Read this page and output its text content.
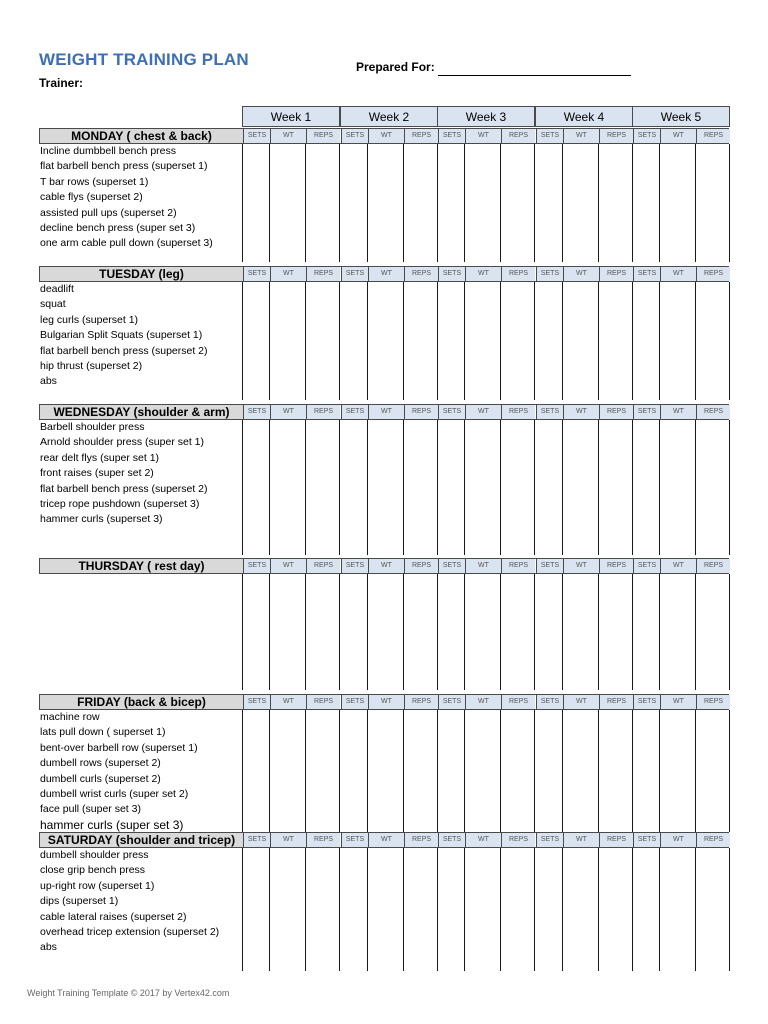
WEIGHT TRAINING PLAN
Trainer:
Prepared For:
Week 1	Week 2	Week 3	Week 4	Week 5
MONDAY ( chest & back)	SETS	WT	REPS	SETS	WT	REPS	SETS	WT	REPS	SETS	WT	REPS	SETS	WT	REPS
Incline dumbbell bench press
flat barbell bench press (superset 1)
T bar rows (superset 1)
cable flys (superset 2)
assisted pull ups (superset 2)
decline bench press (super set 3)
one arm cable pull down (superset 3)
TUESDAY (leg)	SETS	WT	REPS	SETS	WT	REPS	SETS	WT	REPS	SETS	WT	REPS	SETS	WT	REPS
deadlift
squat
leg curls (superset 1)
Bulgarian Split Squats (superset 1)
flat barbell bench press (superset 2)
hip thrust (superset 2)
abs
WEDNESDAY (shoulder & arm)	SETS	WT	REPS	SETS	WT	REPS	SETS	WT	REPS	SETS	WT	REPS	SETS	WT	REPS
Barbell shoulder press
Arnold shoulder press (super set 1)
rear delt flys (super set 1)
front raises (super set 2)
flat barbell bench press (superset 2)
tricep rope pushdown (superset 3)
hammer curls (superset 3)
THURSDAY ( rest day)	SETS	WT	REPS	SETS	WT	REPS	SETS	WT	REPS	SETS	WT	REPS	SETS	WT	REPS
FRIDAY (back & bicep)	SETS	WT	REPS	SETS	WT	REPS	SETS	WT	REPS	SETS	WT	REPS	SETS	WT	REPS
machine row
lats pull down ( superset 1)
bent-over barbell row (superset 1)
dumbell rows (superset 2)
dumbell curls (superset 2)
dumbell wrist curls (super set 2)
face pull (super set 3)
hammer curls (super set 3)
SATURDAY (shoulder and tricep)	SETS	WT	REPS	SETS	WT	REPS	SETS	WT	REPS	SETS	WT	REPS	SETS	WT	REPS
dumbell shoulder press
close grip bench press
up-right row (superset 1)
dips (superset 1)
cable lateral raises (superset 2)
overhead tricep extension (superset 2)
abs
Weight Training Template © 2017 by Vertex42.com
